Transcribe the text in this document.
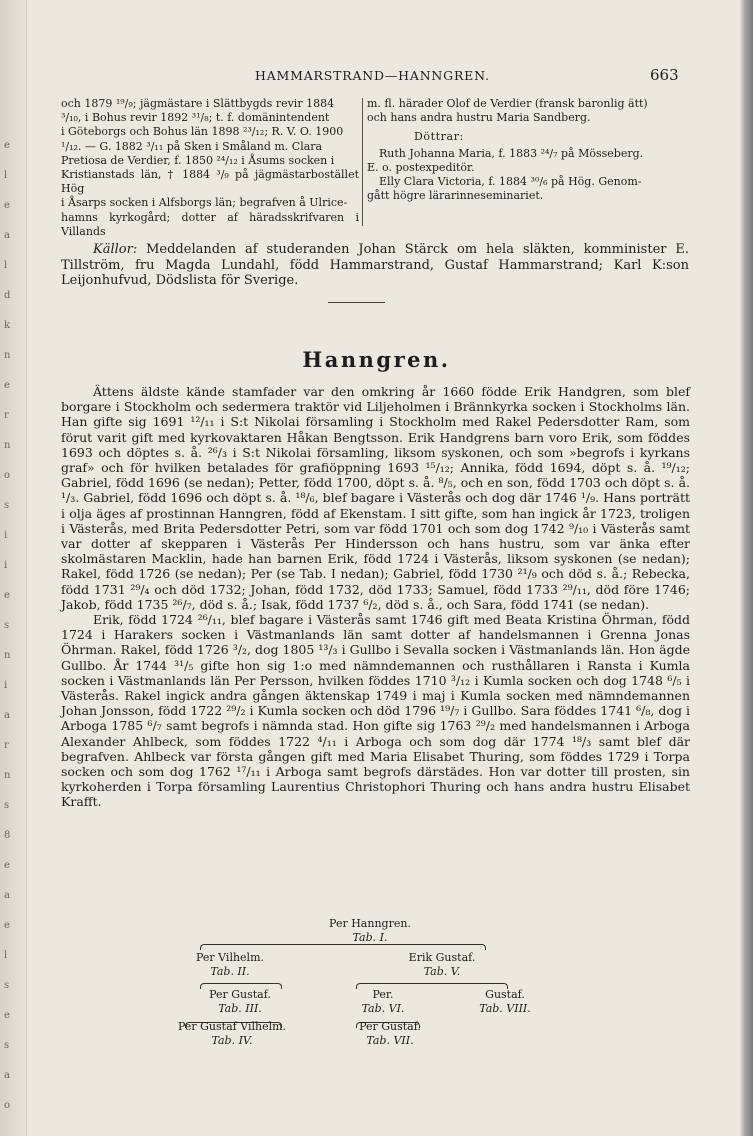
e
l
e
a
l
d
k
n
e
r
n
o
s
i
i
e
s
n
i
a
r
n
s
8
e
a
e
l
s
e
s
a
o
HAMMARSTRAND—HANNGREN.	663

och 1879 ¹⁹/₉; jägmästare i Slättbygds revir 1884

³/₁₀, i Bohus revir 1892 ³¹/₈; t. f. domänintendent

i Göteborgs och Bohus län 1898 ²³/₁₂; R. V. O. 1900

¹/₁₂. — G. 1882 ³/₁₁ på Sken i Småland m. Clara

Pretiosa de Verdier, f. 1850 ²⁴/₁₂ i Åsums socken i

Kristianstads län, † 1884 ³/₉ på jägmästarbostället Hög

i Åsarps socken i Alfsborgs län; begrafven å Ulrice-

hamns kyrkogård; dotter af häradsskrifvaren i Villands

m. fl. härader Olof de Verdier (fransk baronlig ätt)

och hans andra hustru Maria Sandberg.

Döttrar:

Ruth Johanna Maria, f. 1883 ²⁴/₇ på Mösseberg.

E. o. postexpeditör.

Elly Clara Victoria, f. 1884 ³⁰/₆ på Hög. Genom-

gått högre lärarinneseminariet.

Källor: Meddelanden af studeranden Johan Stärck om hela släkten, komminister E. Tillström, fru Magda Lundahl, född Hammarstrand, Gustaf Hammarstrand; Karl K:son Leijonhufvud, Dödslista för Sverige.

Hanngren.

Ättens äldste kände stamfader var den omkring år 1660 födde Erik Handgren, som blef borgare i Stockholm och sedermera traktör vid Liljeholmen i Brännkyrka socken i Stockholms län. Han gifte sig 1691 ¹²/₁₁ i S:t Nikolai församling i Stockholm med Rakel Pedersdotter Ram, som förut varit gift med kyrkovaktaren Håkan Bengtsson. Erik Handgrens barn voro Erik, som föddes 1693 och döptes s. å. ²⁶/₃ i S:t Nikolai församling, liksom syskonen, och som »begrofs i kyrkans graf» och för hvilken betalades för grafiöppning 1693 ¹⁵/₁₂; Annika, född 1694, döpt s. å. ¹⁹/₁₂; Gabriel, född 1696 (se nedan); Petter, född 1700, döpt s. å. ⁸/₅, och en son, född 1703 och döpt s. å. ¹/₃. Gabriel, född 1696 och döpt s. å. ¹⁸/₆, blef bagare i Västerås och dog där 1746 ¹/₉. Hans porträtt i olja äges af prostinnan Hanngren, född af Ekenstam. I sitt gifte, som han ingick år 1723, troligen i Västerås, med Brita Pedersdotter Petri, som var född 1701 och som dog 1742 ⁹/₁₀ i Västerås samt var dotter af skepparen i Västerås Per Hindersson och hans hustru, som var änka efter skolmästaren Macklin, hade han barnen Erik, född 1724 i Västerås, liksom syskonen (se nedan); Rakel, född 1726 (se nedan); Per (se Tab. I nedan); Gabriel, född 1730 ²¹/₉ och död s. å.; Rebecka, född 1731 ²⁹/₄ och död 1732; Johan, född 1732, död 1733; Samuel, född 1733 ²⁹/₁₁, död före 1746; Jakob, född 1735 ²⁶/₇, död s. å.; Isak, född 1737 ⁶/₂, död s. å., och Sara, född 1741 (se nedan).

Erik, född 1724 ²⁶/₁₁, blef bagare i Västerås samt 1746 gift med Beata Kristina Öhrman, född 1724 i Harakers socken i Västmanlands län samt dotter af handelsmannen i Grenna Jonas Öhrman. Rakel, född 1726 ³/₂, dog 1805 ¹³/₃ i Gullbo i Sevalla socken i Västmanlands län. Hon ägde Gullbo. År 1744 ³¹/₅ gifte hon sig 1:o med nämndemannen och rusthållaren i Ransta i Kumla socken i Västmanlands län Per Persson, hvilken föddes 1710 ³/₁₂ i Kumla socken och dog 1748 ⁶/₅ i Västerås. Rakel ingick andra gången äktenskap 1749 i maj i Kumla socken med nämndemannen Johan Jonsson, född 1722 ²⁹/₂ i Kumla socken och död 1796 ¹⁹/₇ i Gullbo. Sara föddes 1741 ⁶/₈, dog i Arboga 1785 ⁶/₇ samt begrofs i nämnda stad. Hon gifte sig 1763 ²⁹/₂ med handelsmannen i Arboga Alexander Ahlbeck, som föddes 1722 ⁴/₁₁ i Arboga och som dog där 1774 ¹⁸/₃ samt blef där begrafven. Ahlbeck var första gången gift med Maria Elisabet Thuring, som föddes 1729 i Torpa socken och som dog 1762 ¹⁷/₁₁ i Arboga samt begrofs därstädes. Hon var dotter till prosten, sin kyrkoherden i Torpa församling Laurentius Christophori Thuring och hans andra hustru Elisabet Krafft.

Per Hanngren.
Tab. I.
Per Vilhelm.
Tab. II.
Erik Gustaf.
Tab. V.
Per Gustaf.
Tab. III.
Per.
Tab. VI.
Gustaf.
Tab. VIII.
Per Gustaf Vilhelm.
Tab. IV.
Per Gustaf.
Tab. VII.
